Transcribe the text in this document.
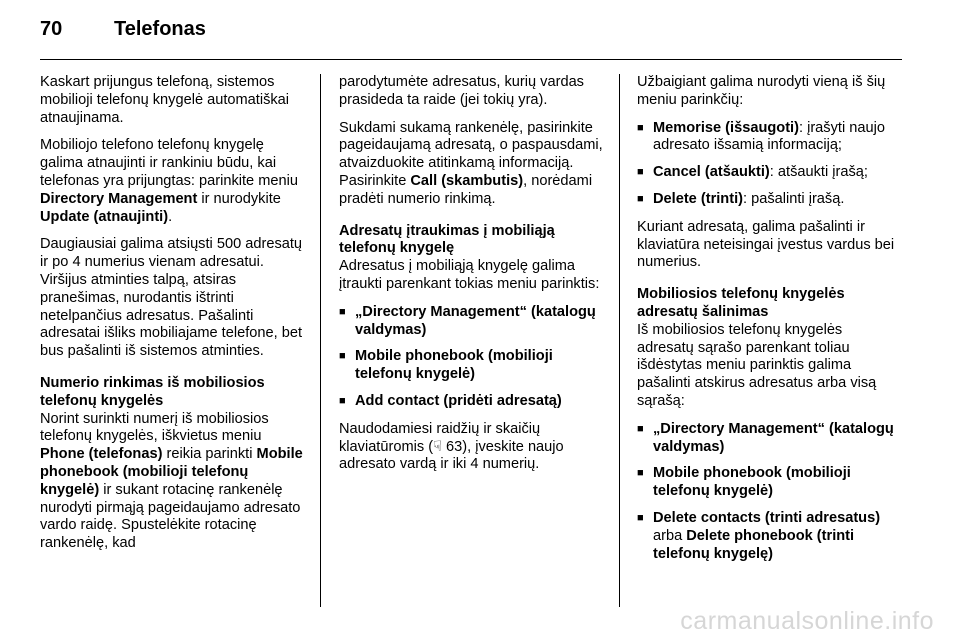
70	Telefonas

Kaskart prijungus telefoną, sistemos mobilioji telefonų knygelė automatiškai atnaujinama.

Mobiliojo telefono telefonų knygelę galima atnaujinti ir rankiniu būdu, kai telefonas yra prijungtas: parinkite meniu Directory Management ir nurodykite Update (atnaujinti).

Daugiausiai galima atsiųsti 500 adresatų ir po 4 numerius vienam adresatui. Viršijus atminties talpą, atsiras pranešimas, nurodantis ištrinti netelpančius adresatus. Pašalinti adresatai išliks mobiliajame telefone, bet bus pašalinti iš sistemos atminties.

Numerio rinkimas iš mobiliosios telefonų knygelės

Norint surinkti numerį iš mobiliosios telefonų knygelės, iškvietus meniu Phone (telefonas) reikia parinkti Mobile phonebook (mobilioji telefonų knygelė) ir sukant rotacinę rankenėlę nurodyti pirmąją pageidaujamo adresato vardo raidę. Spustelėkite rotacinę rankenėlę, kad

parodytumėte adresatus, kurių vardas prasideda ta raide (jei tokių yra).

Sukdami sukamą rankenėlę, pasirinkite pageidaujamą adresatą, o paspausdami, atvaizduokite atitinkamą informaciją. Pasirinkite Call (skambutis), norėdami pradėti numerio rinkimą.

Adresatų įtraukimas į mobiliąją telefonų knygelę

Adresatus į mobiliąją knygelę galima įtraukti parenkant tokias meniu parinktis:

■ „Directory Management“ (katalogų valdymas)
■ Mobile phonebook (mobilioji telefonų knygelė)
■ Add contact (pridėti adresatą)

Naudodamiesi raidžių ir skaičių klaviatūromis (☟ 63), įveskite naujo adresato vardą ir iki 4 numerių.

Užbaigiant galima nurodyti vieną iš šių meniu parinkčių:

■ Memorise (išsaugoti): įrašyti naujo adresato išsamią informaciją;
■ Cancel (atšaukti): atšaukti įrašą;
■ Delete (trinti): pašalinti įrašą.

Kuriant adresatą, galima pašalinti ir klaviatūra neteisingai įvestus vardus bei numerius.

Mobiliosios telefonų knygelės adresatų šalinimas

Iš mobiliosios telefonų knygelės adresatų sąrašo parenkant toliau išdėstytas meniu parinktis galima pašalinti atskirus adresatus arba visą sąrašą:

■ „Directory Management“ (katalogų valdymas)
■ Mobile phonebook (mobilioji telefonų knygelė)
■ Delete contacts (trinti adresatus)
arba Delete phonebook (trinti telefonų knygelę)
carmanualsonline.info
